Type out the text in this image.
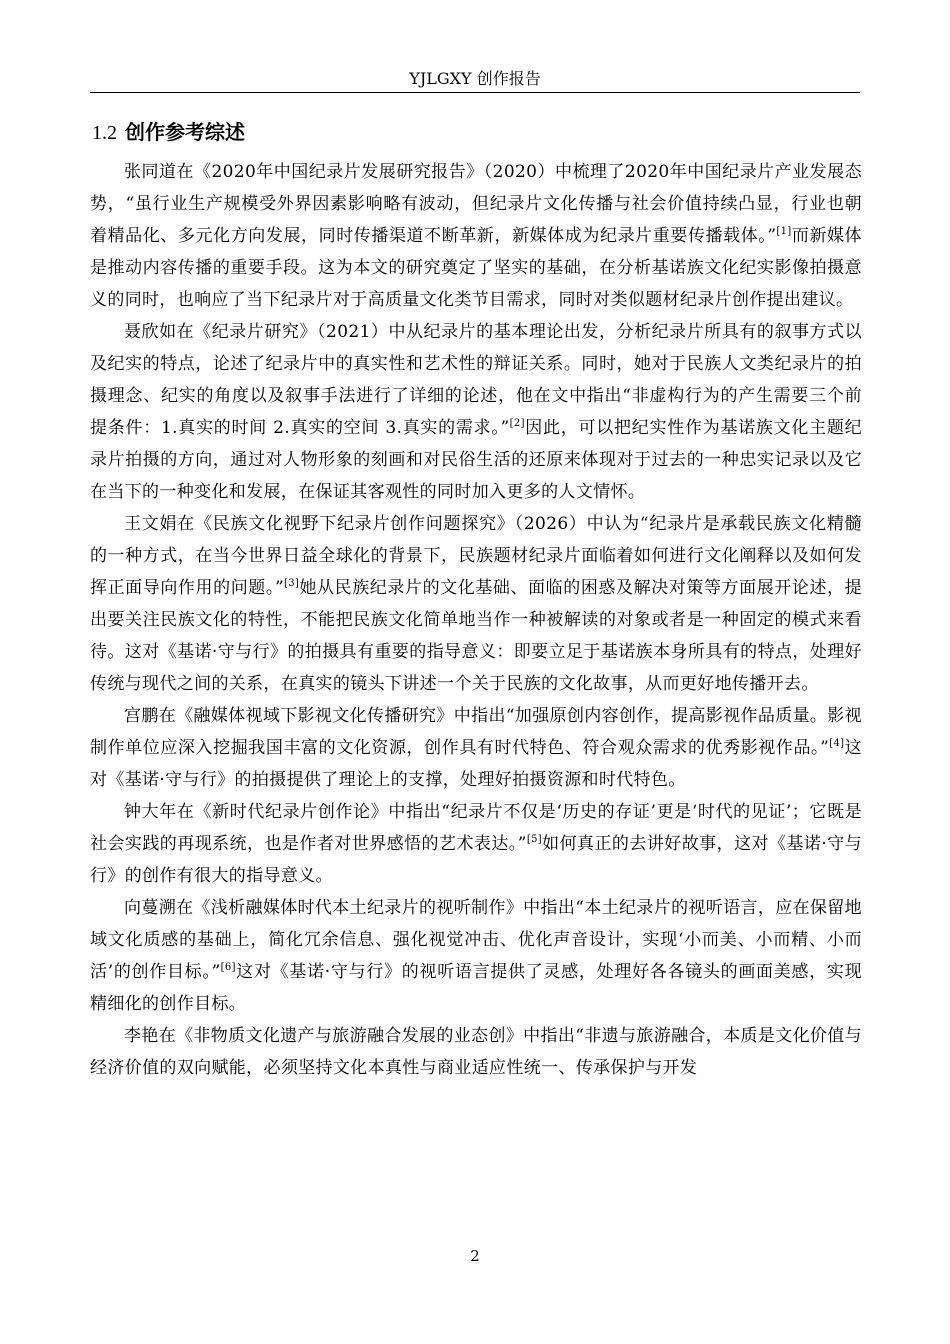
YJLGXY 创作报告
1.2 创作参考综述

张同道在《2020年中国纪录片发展研究报告》（2020）中梳理了2020年中国纪录片产业发展态势，“虽行业生产规模受外界因素影响略有波动，但纪录片文化传播与社会价值持续凸显，行业也朝着精品化、多元化方向发展，同时传播渠道不断革新，新媒体成为纪录片重要传播载体。”[1]而新媒体是推动内容传播的重要手段。这为本文的研究奠定了坚实的基础，在分析基诺族文化纪实影像拍摄意义的同时，也响应了当下纪录片对于高质量文化类节目需求，同时对类似题材纪录片创作提出建议。

聂欣如在《纪录片研究》（2021）中从纪录片的基本理论出发，分析纪录片所具有的叙事方式以及纪实的特点，论述了纪录片中的真实性和艺术性的辩证关系。同时，她对于民族人文类纪录片的拍摄理念、纪实的角度以及叙事手法进行了详细的论述，他在文中指出“非虚构行为的产生需要三个前提条件：1.真实的时间 2.真实的空间 3.真实的需求。”[2]因此，可以把纪实性作为基诺族文化主题纪录片拍摄的方向，通过对人物形象的刻画和对民俗生活的还原来体现对于过去的一种忠实记录以及它在当下的一种变化和发展，在保证其客观性的同时加入更多的人文情怀。

王文娟在《民族文化视野下纪录片创作问题探究》（2026）中认为“纪录片是承载民族文化精髓的一种方式，在当今世界日益全球化的背景下，民族题材纪录片面临着如何进行文化阐释以及如何发挥正面导向作用的问题。”[3]她从民族纪录片的文化基础、面临的困惑及解决对策等方面展开论述，提出要关注民族文化的特性，不能把民族文化简单地当作一种被解读的对象或者是一种固定的模式来看待。这对《基诺·守与行》的拍摄具有重要的指导意义：即要立足于基诺族本身所具有的特点，处理好传统与现代之间的关系，在真实的镜头下讲述一个关于民族的文化故事，从而更好地传播开去。

宫鹏在《融媒体视域下影视文化传播研究》中指出“加强原创内容创作，提高影视作品质量。影视制作单位应深入挖掘我国丰富的文化资源，创作具有时代特色、符合观众需求的优秀影视作品。”[4]这对《基诺·守与行》的拍摄提供了理论上的支撑，处理好拍摄资源和时代特色。

钟大年在《新时代纪录片创作论》中指出“纪录片不仅是‘历史的存证’更是‘时代的见证’；它既是社会实践的再现系统，也是作者对世界感悟的艺术表达。”[5]如何真正的去讲好故事，这对《基诺·守与行》的创作有很大的指导意义。

向蔓溯在《浅析融媒体时代本土纪录片的视听制作》中指出“本土纪录片的视听语言，应在保留地域文化质感的基础上，简化冗余信息、强化视觉冲击、优化声音设计，实现‘小而美、小而精、小而活’的创作目标。”[6]这对《基诺·守与行》的视听语言提供了灵感，处理好各各镜头的画面美感，实现精细化的创作目标。

李艳在《非物质文化遗产与旅游融合发展的业态创》中指出“非遗与旅游融合，本质是文化价值与经济价值的双向赋能，必须坚持文化本真性与商业适应性统一、传承保护与开发

2
